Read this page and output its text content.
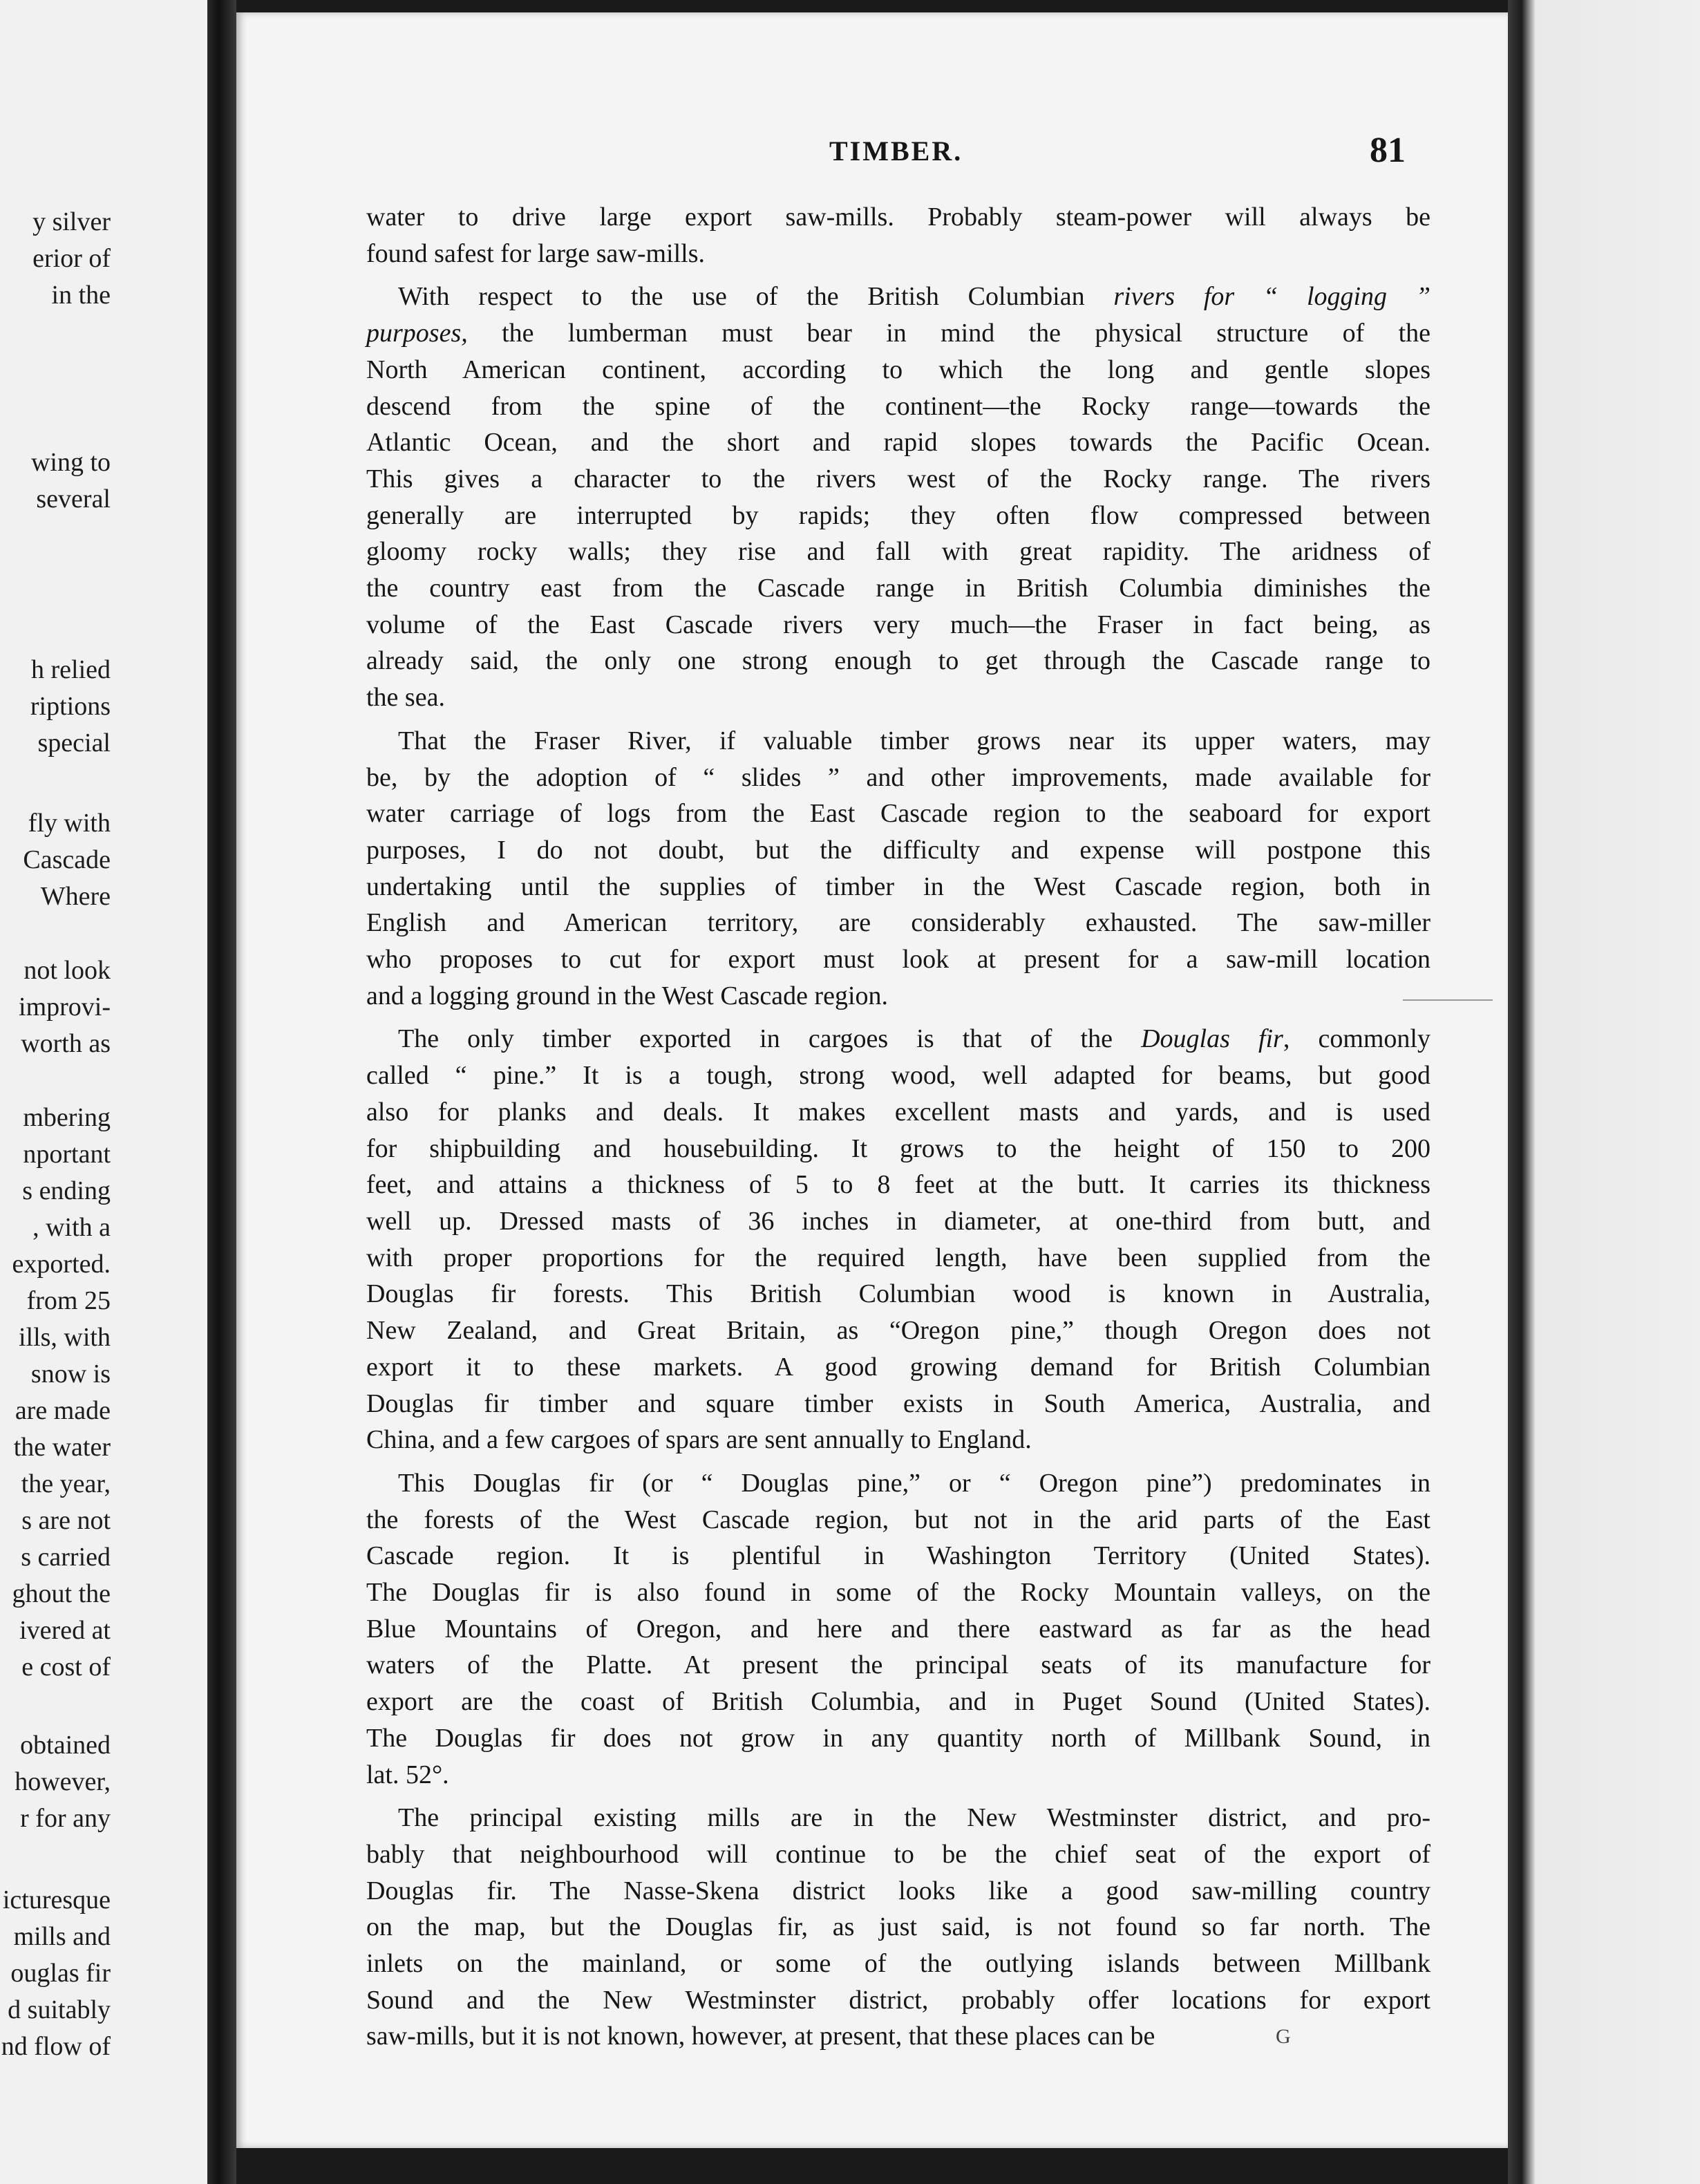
y silver
erior of
in the
wing to
several
h relied
riptions
special
fly with
Cascade
Where
not look
improvi-
worth as
mbering
nportant
s ending
, with a
exported.
from 25
ills, with
snow is
are made
the water
the year,
s are not
s carried
ghout the
ivered at
e cost of
obtained
however,
r for any
icturesque
mills and
ouglas fir
d suitably
nd flow of
TIMBER.	81
water to drive large export saw-mills. Probably steam-power will always be
found safest for large saw-mills.
With respect to the use of the British Columbian rivers for “ logging ”
purposes, the lumberman must bear in mind the physical structure of the
North American continent, according to which the long and gentle slopes
descend from the spine of the continent—the Rocky range—towards the
Atlantic Ocean, and the short and rapid slopes towards the Pacific Ocean.
This gives a character to the rivers west of the Rocky range. The rivers
generally are interrupted by rapids; they often flow compressed between
gloomy rocky walls; they rise and fall with great rapidity. The aridness of
the country east from the Cascade range in British Columbia diminishes the
volume of the East Cascade rivers very much—the Fraser in fact being, as
already said, the only one strong enough to get through the Cascade range to
the sea.
That the Fraser River, if valuable timber grows near its upper waters, may
be, by the adoption of “ slides ” and other improvements, made available for
water carriage of logs from the East Cascade region to the seaboard for export
purposes, I do not doubt, but the difficulty and expense will postpone this
undertaking until the supplies of timber in the West Cascade region, both in
English and American territory, are considerably exhausted. The saw-miller
who proposes to cut for export must look at present for a saw-mill location
and a logging ground in the West Cascade region.
The only timber exported in cargoes is that of the Douglas fir, commonly
called “ pine.” It is a tough, strong wood, well adapted for beams, but good
also for planks and deals. It makes excellent masts and yards, and is used
for shipbuilding and housebuilding. It grows to the height of 150 to 200
feet, and attains a thickness of 5 to 8 feet at the butt. It carries its thickness
well up. Dressed masts of 36 inches in diameter, at one-third from butt, and
with proper proportions for the required length, have been supplied from the
Douglas fir forests. This British Columbian wood is known in Australia,
New Zealand, and Great Britain, as “Oregon pine,” though Oregon does not
export it to these markets. A good growing demand for British Columbian
Douglas fir timber and square timber exists in South America, Australia, and
China, and a few cargoes of spars are sent annually to England.
This Douglas fir (or “ Douglas pine,” or “ Oregon pine”) predominates in
the forests of the West Cascade region, but not in the arid parts of the East
Cascade region. It is plentiful in Washington Territory (United States).
The Douglas fir is also found in some of the Rocky Mountain valleys, on the
Blue Mountains of Oregon, and here and there eastward as far as the head
waters of the Platte. At present the principal seats of its manufacture for
export are the coast of British Columbia, and in Puget Sound (United States).
The Douglas fir does not grow in any quantity north of Millbank Sound, in
lat. 52°.
The principal existing mills are in the New Westminster district, and pro-
bably that neighbourhood will continue to be the chief seat of the export of
Douglas fir. The Nasse-Skena district looks like a good saw-milling country
on the map, but the Douglas fir, as just said, is not found so far north. The
inlets on the mainland, or some of the outlying islands between Millbank
Sound and the New Westminster district, probably offer locations for export
saw-mills, but it is not known, however, at present, that these places can be	G
